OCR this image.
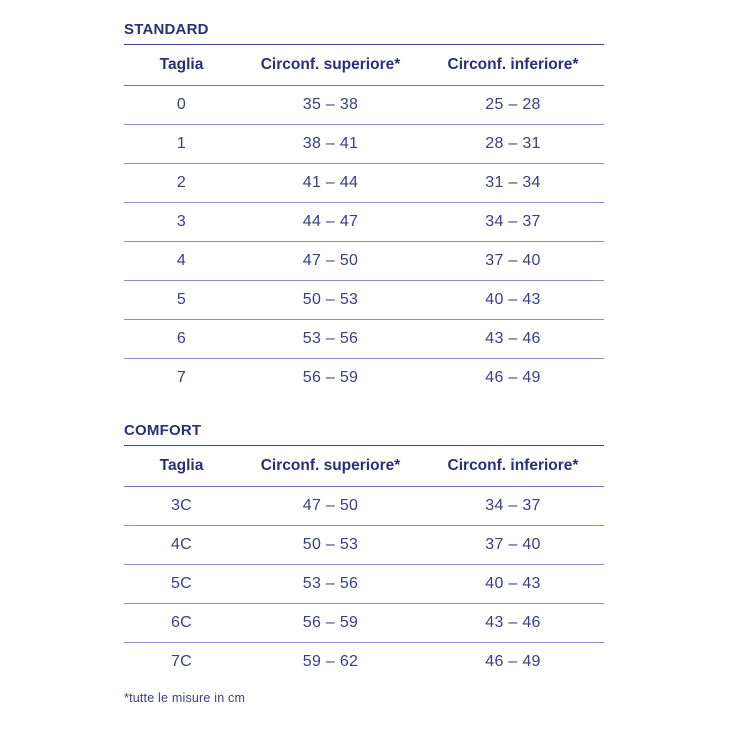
STANDARD
Taglia	Circonf. superiore*	Circonf. inferiore*
0	35 – 38	25 – 28
1	38 – 41	28 – 31
2	41 – 44	31 – 34
3	44 – 47	34 – 37
4	47 – 50	37 – 40
5	50 – 53	40 – 43
6	53 – 56	43 – 46
7	56 – 59	46 – 49
COMFORT
Taglia	Circonf. superiore*	Circonf. inferiore*
3C	47 – 50	34 – 37
4C	50 – 53	37 – 40
5C	53 – 56	40 – 43
6C	56 – 59	43 – 46
7C	59 – 62	46 – 49
*tutte le misure in cm
